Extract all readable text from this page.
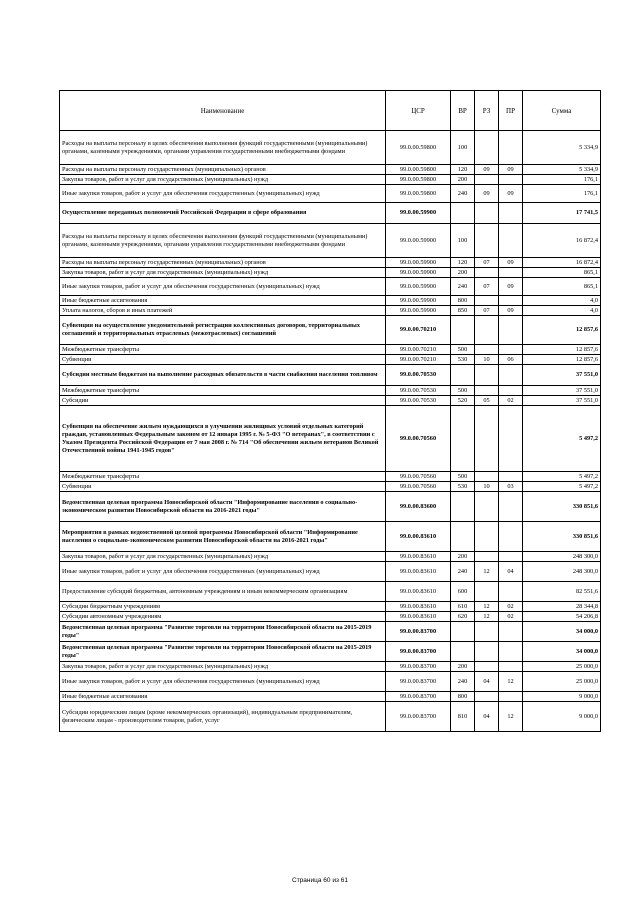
Наименование	ЦСР	ВР	РЗ	ПР	Сумма
Расходы на выплаты персоналу в целях обеспечения выполнения функций государственными (муниципальными) органами, казенными учреждениями, органами управления государственными внебюджетными фондами	99.0.00.59800	100			5 334,9
Расходы на выплаты персоналу государственных (муниципальных) органов	99.0.00.59800	120	09	09	5 334,9
Закупка товаров, работ и услуг для государственных (муниципальных) нужд	99.0.00.59800	200			176,1
Иные закупки товаров, работ и услуг для обеспечения государственных (муниципальных) нужд	99.0.00.59800	240	09	09	176,1
Осуществление переданных полномочий Российской Федерации в сфере образования	99.0.00.59900				17 741,5
Расходы на выплаты персоналу в целях обеспечения выполнения функций государственными (муниципальными) органами, казенными учреждениями, органами управления государственными внебюджетными фондами	99.0.00.59900	100			16 872,4
Расходы на выплаты персоналу государственных (муниципальных) органов	99.0.00.59900	120	07	09	16 872,4
Закупка товаров, работ и услуг для государственных (муниципальных) нужд	99.0.00.59900	200			865,1
Иные закупки товаров, работ и услуг для обеспечения государственных (муниципальных) нужд	99.0.00.59900	240	07	09	865,1
Иные бюджетные ассигнования	99.0.00.59900	800			4,0
Уплата налогов, сборов и иных платежей	99.0.00.59900	850	07	09	4,0
Субвенция на осуществление уведомительной регистрации коллективных договоров, территориальных соглашений и территориальных отраслевых (межотраслевых) соглашений	99.0.00.70210				12 857,6
Межбюджетные трансферты	99.0.00.70210	500			12 857,6
Субвенции	99.0.00.70210	530	10	06	12 857,6
Субсидии местным бюджетам на выполнение расходных обязательств в части снабжения населения топливом	99.0.00.70530				37 551,0
Межбюджетные трансферты	99.0.00.70530	500			37 551,0
Субсидии	99.0.00.70530	520	05	02	37 551,0
Субвенция на обеспечение жильем нуждающихся в улучшении жилищных условий отдельных категорий граждан, установленных Федеральным законом от 12 января 1995 г. № 5-ФЗ "О ветеранах", в соответствии с Указом Президента Российской Федерации от 7 мая 2008 г. № 714 "Об обеспечении жильем ветеранов Великой Отечественной войны 1941-1945 годов"	99.0.00.70560				5 497,2
Межбюджетные трансферты	99.0.00.70560	500			5 497,2
Субвенции	99.0.00.70560	530	10	03	5 497,2
Ведомственная целевая программа Новосибирской области "Информирование населения о социально-экономическом развитии Новосибирской области на 2016-2021 годы"	99.0.00.83600				330 851,6
Мероприятия в рамках ведомственной целевой программы Новосибирской области "Информирование населения о социально-экономическом развитии Новосибирской области на 2016-2021 годы"	99.0.00.83610				330 851,6
Закупка товаров, работ и услуг для государственных (муниципальных) нужд	99.0.00.83610	200			248 300,0
Иные закупки товаров, работ и услуг для обеспечения государственных (муниципальных) нужд	99.0.00.83610	240	12	04	248 300,0
Предоставление субсидий бюджетным, автономным учреждениям и иным некоммерческим организациям	99.0.00.83610	600			82 551,6
Субсидии бюджетным учреждениям	99.0.00.83610	610	12	02	28 344,8
Субсидии автономным учреждениям	99.0.00.83610	620	12	02	54 206,8
Ведомственная целевая программа "Развитие торговли на территории Новосибирской области на 2015-2019 годы"	99.0.00.83700				34 000,0
Ведомственная целевая программа "Развитие торговли на территории Новосибирской области на 2015-2019 годы"	99.0.00.83700				34 000,0
Закупка товаров, работ и услуг для государственных (муниципальных) нужд	99.0.00.83700	200			25 000,0
Иные закупки товаров, работ и услуг для обеспечения государственных (муниципальных) нужд	99.0.00.83700	240	04	12	25 000,0
Иные бюджетные ассигнования	99.0.00.83700	800			9 000,0
Субсидии юридическим лицам (кроме некоммерческих организаций), индивидуальным предпринимателям, физическим лицам - производителям товаров, работ, услуг	99.0.00.83700	810	04	12	9 000,0
Страница 60 из 61
